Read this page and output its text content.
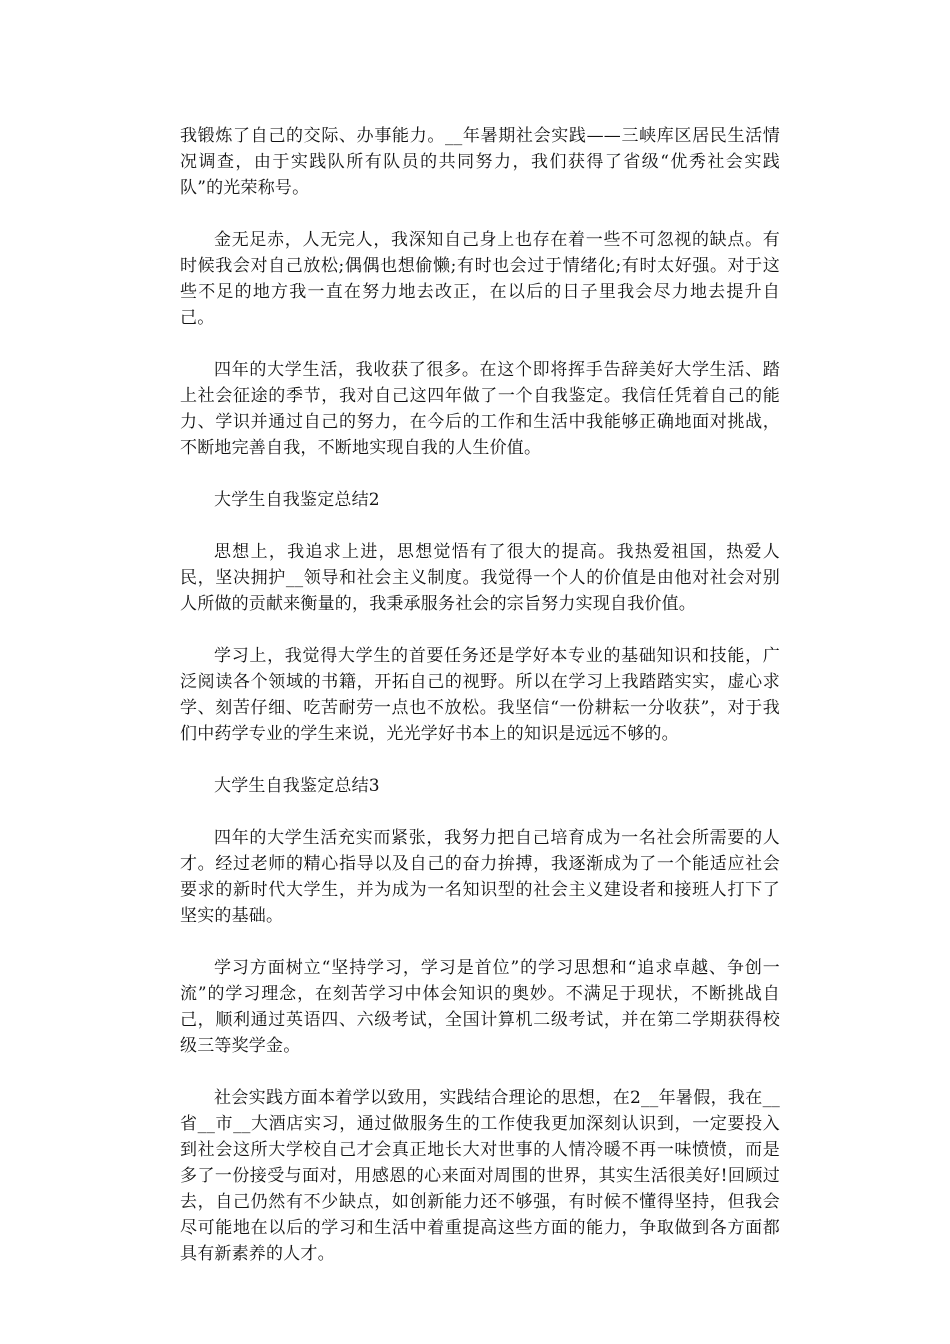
我锻炼了自己的交际、办事能力。__年暑期社会实践——三峡库区居民生活情况调查，由于实践队所有队员的共同努力，我们获得了省级“优秀社会实践队”的光荣称号。

金无足赤，人无完人，我深知自己身上也存在着一些不可忽视的缺点。有时候我会对自己放松;偶偶也想偷懒;有时也会过于情绪化;有时太好强。对于这些不足的地方我一直在努力地去改正，在以后的日子里我会尽力地去提升自己。

四年的大学生活，我收获了很多。在这个即将挥手告辞美好大学生活、踏上社会征途的季节，我对自己这四年做了一个自我鉴定。我信任凭着自己的能力、学识并通过自己的努力，在今后的工作和生活中我能够正确地面对挑战，不断地完善自我，不断地实现自我的人生价值。

大学生自我鉴定总结2

思想上，我追求上进，思想觉悟有了很大的提高。我热爱祖国，热爱人民，坚决拥护__领导和社会主义制度。我觉得一个人的价值是由他对社会对别人所做的贡献来衡量的，我秉承服务社会的宗旨努力实现自我价值。

学习上，我觉得大学生的首要任务还是学好本专业的基础知识和技能，广泛阅读各个领域的书籍，开拓自己的视野。所以在学习上我踏踏实实，虚心求学、刻苦仔细、吃苦耐劳一点也不放松。我坚信“一份耕耘一分收获”，对于我们中药学专业的学生来说，光光学好书本上的知识是远远不够的。

大学生自我鉴定总结3

四年的大学生活充实而紧张，我努力把自己培育成为一名社会所需要的人才。经过老师的精心指导以及自己的奋力拚搏，我逐渐成为了一个能适应社会要求的新时代大学生，并为成为一名知识型的社会主义建设者和接班人打下了坚实的基础。

学习方面树立“坚持学习，学习是首位”的学习思想和“追求卓越、争创一流”的学习理念，在刻苦学习中体会知识的奥妙。不满足于现状，不断挑战自己，顺利通过英语四、六级考试，全国计算机二级考试，并在第二学期获得校级三等奖学金。

社会实践方面本着学以致用，实践结合理论的思想，在2__年暑假，我在__省__市__大酒店实习，通过做服务生的工作使我更加深刻认识到，一定要投入到社会这所大学校自己才会真正地长大对世事的人情冷暖不再一味愤愤，而是多了一份接受与面对，用感恩的心来面对周围的世界，其实生活很美好!回顾过去，自己仍然有不少缺点，如创新能力还不够强，有时候不懂得坚持，但我会尽可能地在以后的学习和生活中着重提高这些方面的能力，争取做到各方面都具有新素养的人才。
